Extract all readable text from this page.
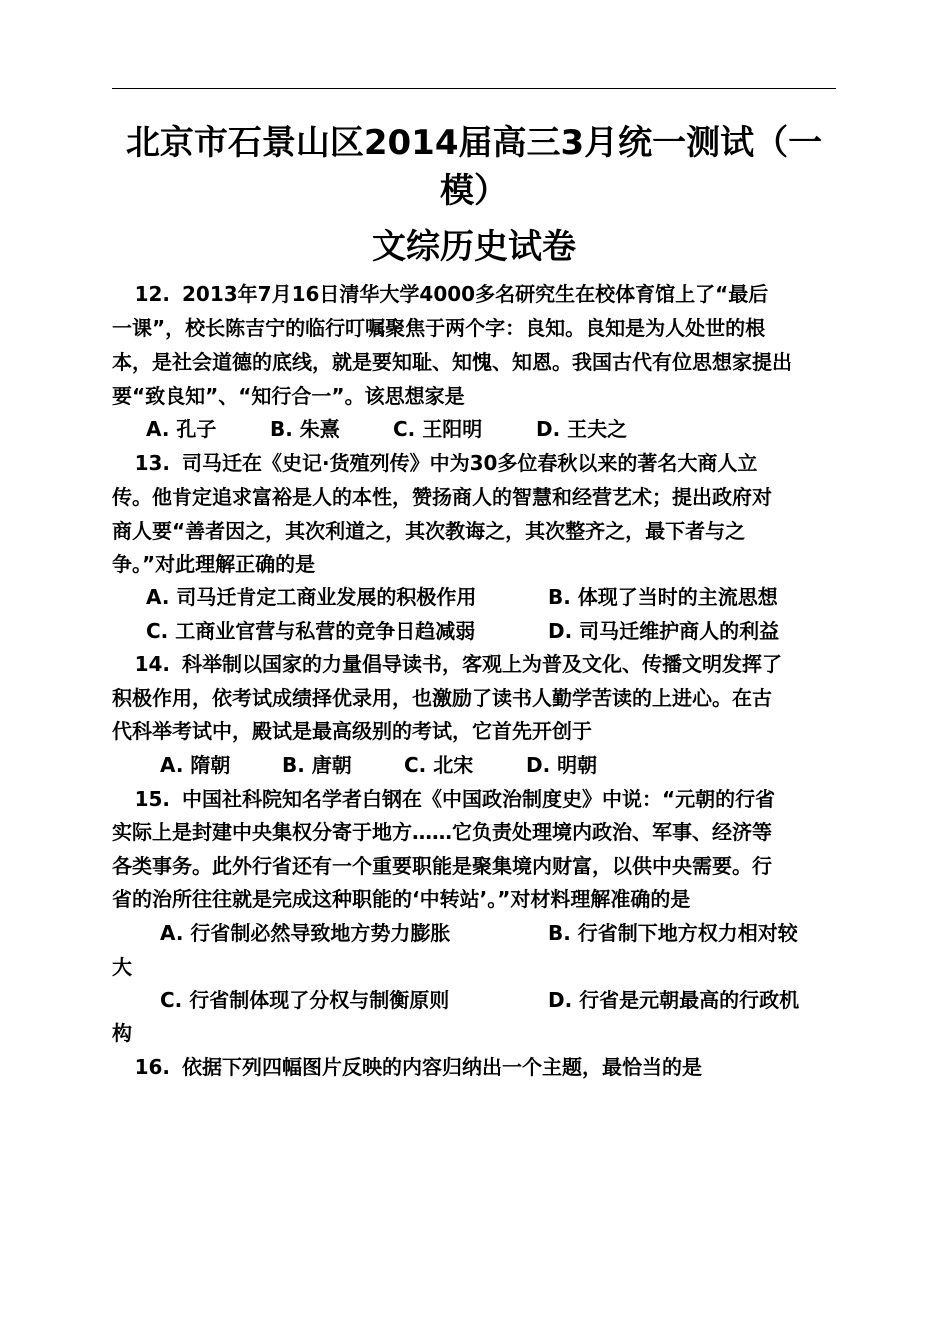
北京市石景山区2014届高三3月统一测试（一
模）
文综历史试卷
12. 2013年7月16日清华大学4000多名研究生在校体育馆上了“最后
一课”，校长陈吉宁的临行叮嘱聚焦于两个字：良知。良知是为人处世的根
本，是社会道德的底线，就是要知耻、知愧、知恩。我国古代有位思想家提出
要“致良知”、“知行合一”。该思想家是
A. 孔子	B. 朱熹	C. 王阳明	D. 王夫之
13. 司马迁在《史记·货殖列传》中为30多位春秋以来的著名大商人立
传。他肯定追求富裕是人的本性，赞扬商人的智慧和经营艺术；提出政府对
商人要“善者因之，其次利道之，其次教诲之，其次整齐之，最下者与之
争。”对此理解正确的是
A. 司马迁肯定工商业发展的积极作用	B. 体现了当时的主流思想
C. 工商业官营与私营的竞争日趋减弱	D. 司马迁维护商人的利益
14. 科举制以国家的力量倡导读书，客观上为普及文化、传播文明发挥了
积极作用，依考试成绩择优录用，也激励了读书人勤学苦读的上进心。在古
代科举考试中，殿试是最高级别的考试，它首先开创于
A. 隋朝	B. 唐朝	C. 北宋	D. 明朝
15. 中国社科院知名学者白钢在《中国政治制度史》中说：“元朝的行省
实际上是封建中央集权分寄于地方……它负责处理境内政治、军事、经济等
各类事务。此外行省还有一个重要职能是聚集境内财富，以供中央需要。行
省的治所往往就是完成这种职能的‘中转站’。”对材料理解准确的是
A. 行省制必然导致地方势力膨胀	B. 行省制下地方权力相对较
大
C. 行省制体现了分权与制衡原则	D. 行省是元朝最高的行政机
构
16. 依据下列四幅图片反映的内容归纳出一个主题，最恰当的是
